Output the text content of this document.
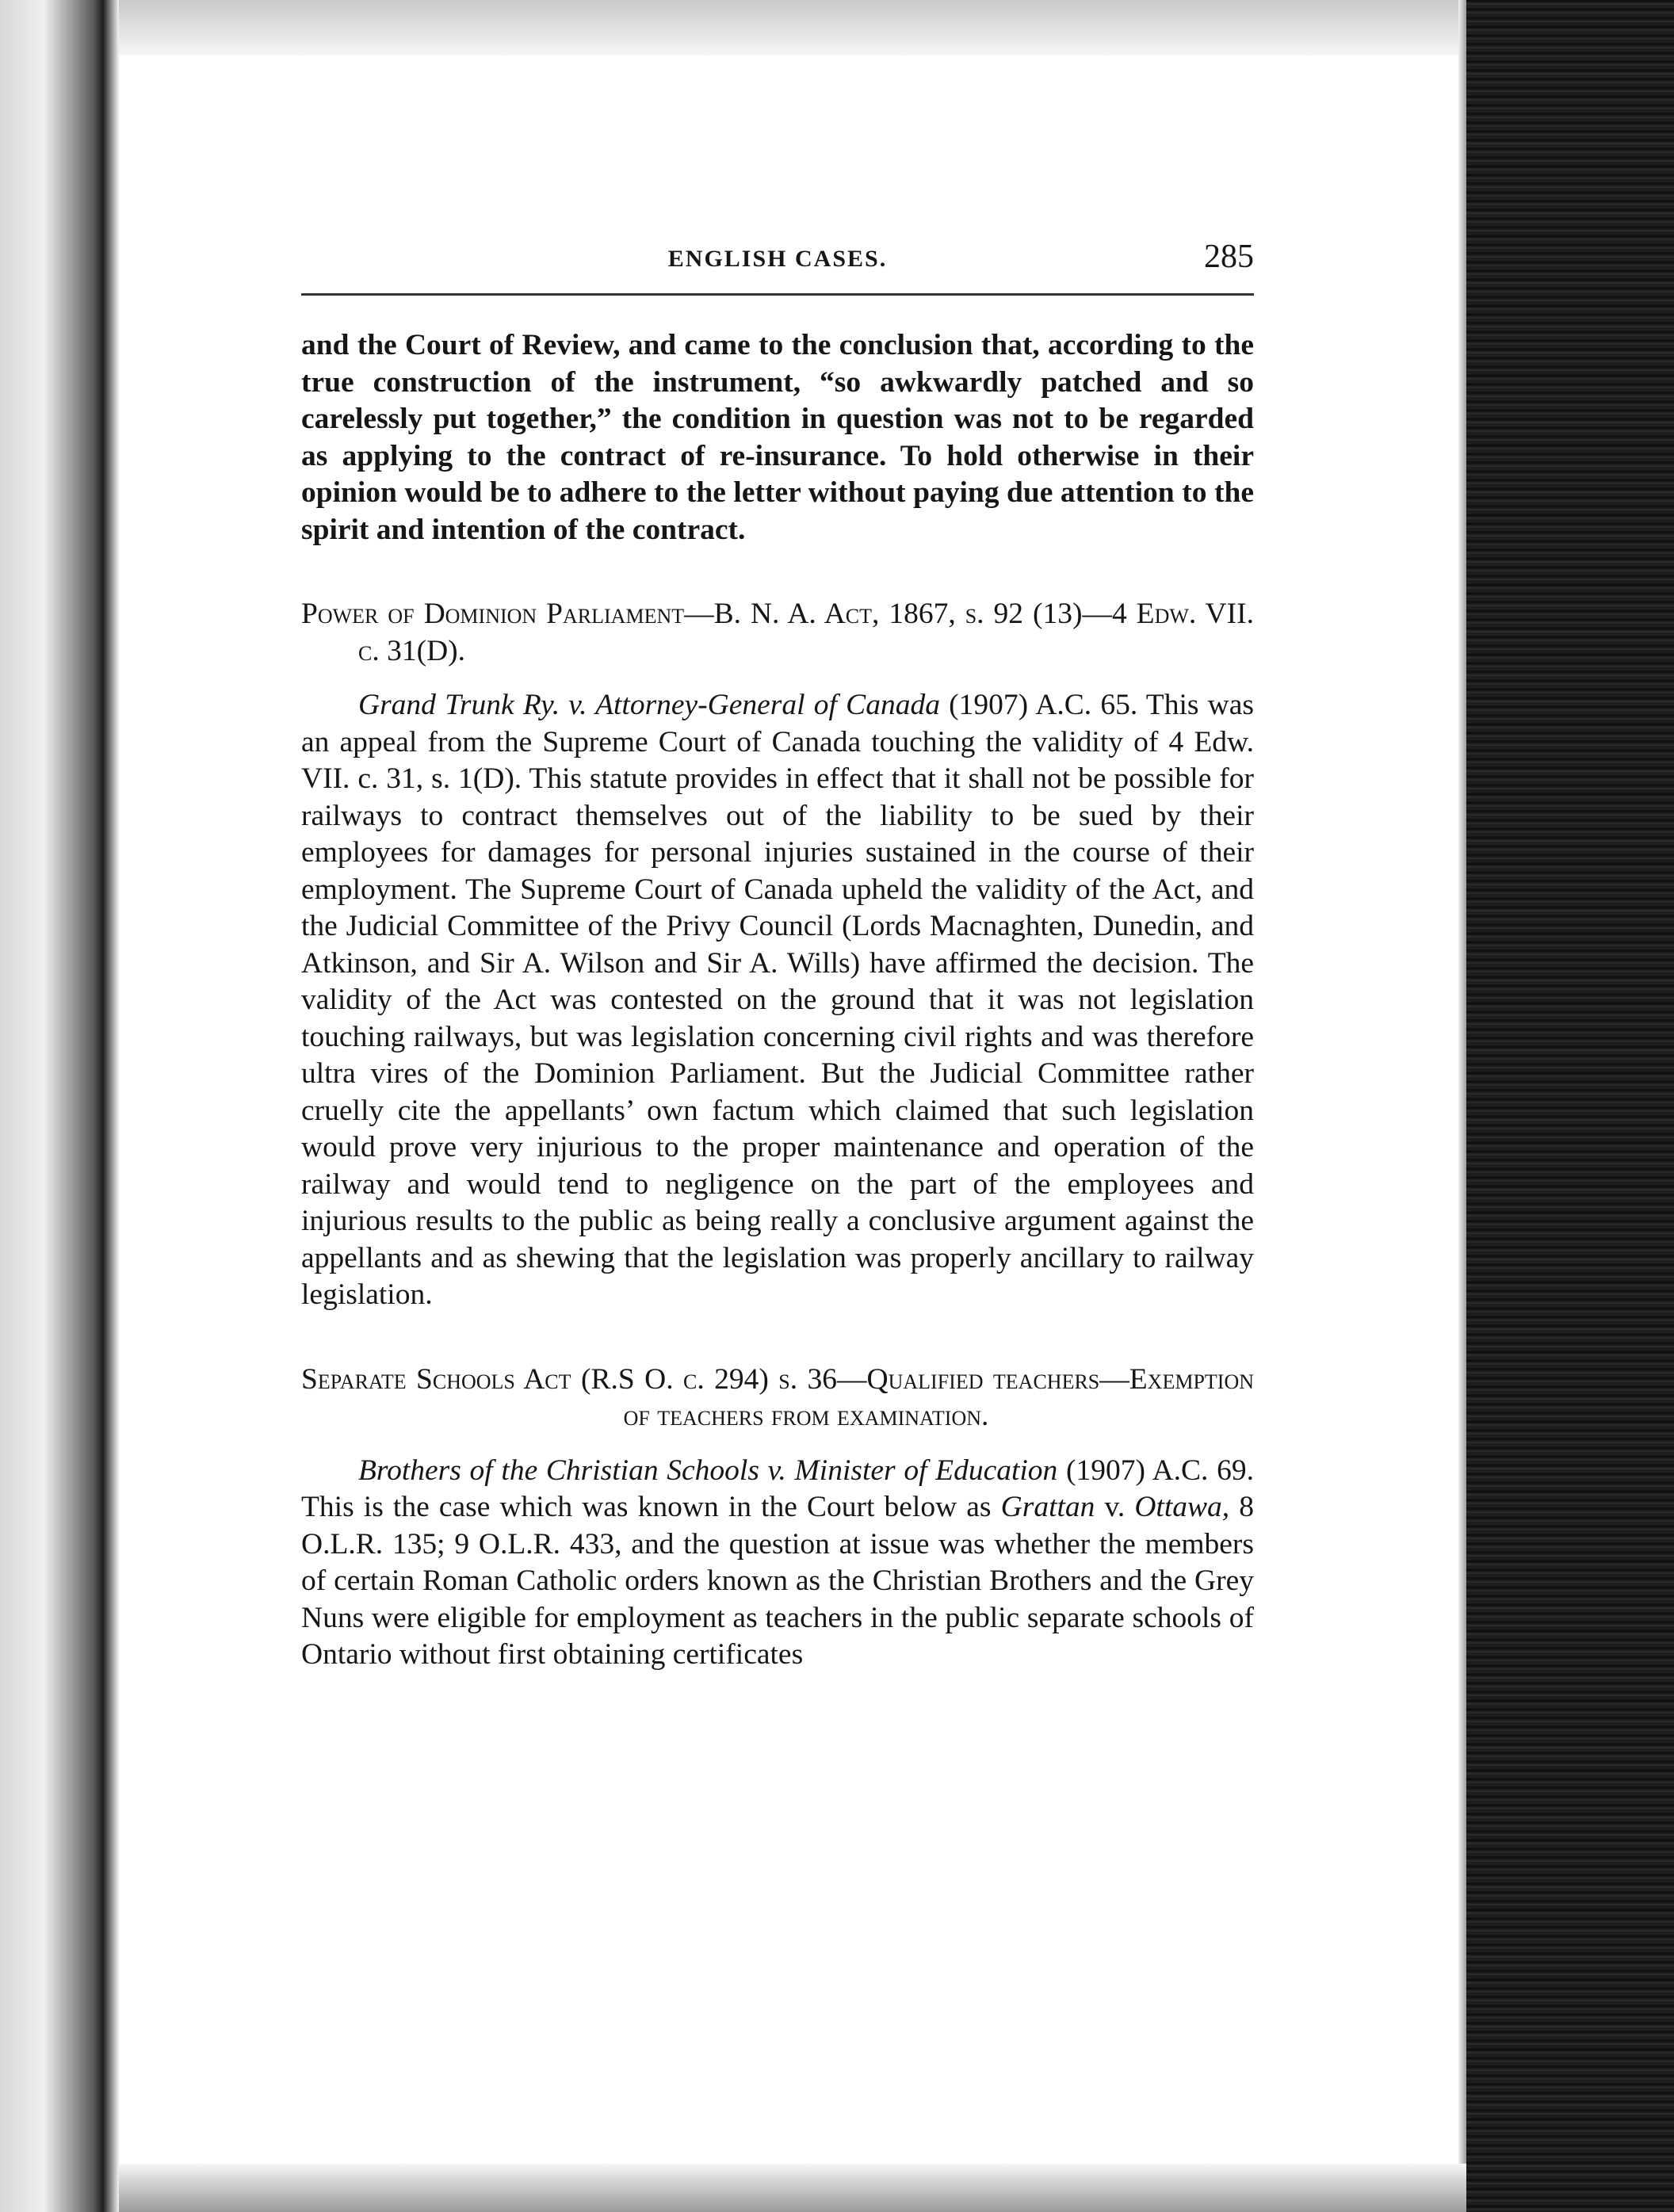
ENGLISH CASES.	285

and the Court of Review, and came to the conclusion that, according to the true construction of the instrument, “so awkwardly patched and so carelessly put together,” the condition in question was not to be regarded as applying to the contract of re-insurance. To hold otherwise in their opinion would be to adhere to the letter without paying due attention to the spirit and intention of the contract.

Power of Dominion Parliament—B. N. A. Act, 1867, s. 92 (13)—4 Edw. VII. c. 31(D).

Grand Trunk Ry. v. Attorney-General of Canada (1907) A.C. 65. This was an appeal from the Supreme Court of Canada touching the validity of 4 Edw. VII. c. 31, s. 1(D). This statute provides in effect that it shall not be possible for railways to contract themselves out of the liability to be sued by their employees for damages for personal injuries sustained in the course of their employment. The Supreme Court of Canada upheld the validity of the Act, and the Judicial Committee of the Privy Council (Lords Macnaghten, Dunedin, and Atkinson, and Sir A. Wilson and Sir A. Wills) have affirmed the decision. The validity of the Act was contested on the ground that it was not legislation touching railways, but was legislation concerning civil rights and was therefore ultra vires of the Dominion Parliament. But the Judicial Committee rather cruelly cite the appellants’ own factum which claimed that such legislation would prove very injurious to the proper maintenance and operation of the railway and would tend to negligence on the part of the employees and injurious results to the public as being really a conclusive argument against the appellants and as shewing that the legislation was properly ancillary to railway legislation.

Separate Schools Act (R.S O. c. 294) s. 36—Qualified teachers—Exemption of teachers from examination.

Brothers of the Christian Schools v. Minister of Education (1907) A.C. 69. This is the case which was known in the Court below as Grattan v. Ottawa, 8 O.L.R. 135; 9 O.L.R. 433, and the question at issue was whether the members of certain Roman Catholic orders known as the Christian Brothers and the Grey Nuns were eligible for employment as teachers in the public separate schools of Ontario without first obtaining certificates
